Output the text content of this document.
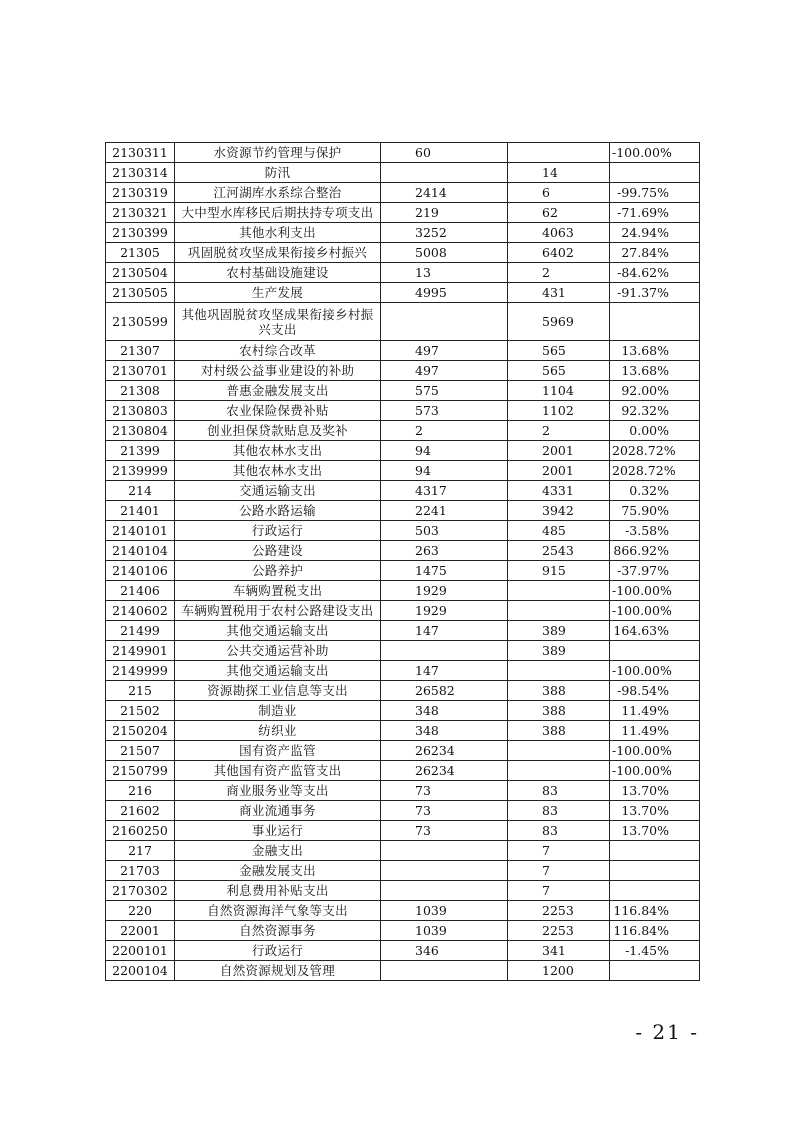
2130311	水资源节约管理与保护	60		-100.00%
2130314	防汛		14	
2130319	江河湖库水系综合整治	2414	6	-99.75%
2130321	大中型水库移民后期扶持专项支出	219	62	-71.69%
2130399	其他水利支出	3252	4063	24.94%
21305	巩固脱贫攻坚成果衔接乡村振兴	5008	6402	27.84%
2130504	农村基础设施建设	13	2	-84.62%
2130505	生产发展	4995	431	-91.37%
2130599	其他巩固脱贫攻坚成果衔接乡村振兴支出		5969	
21307	农村综合改革	497	565	13.68%
2130701	对村级公益事业建设的补助	497	565	13.68%
21308	普惠金融发展支出	575	1104	92.00%
2130803	农业保险保费补贴	573	1102	92.32%
2130804	创业担保贷款贴息及奖补	2	2	0.00%
21399	其他农林水支出	94	2001	2028.72%
2139999	其他农林水支出	94	2001	2028.72%
214	交通运输支出	4317	4331	0.32%
21401	公路水路运输	2241	3942	75.90%
2140101	行政运行	503	485	-3.58%
2140104	公路建设	263	2543	866.92%
2140106	公路养护	1475	915	-37.97%
21406	车辆购置税支出	1929		-100.00%
2140602	车辆购置税用于农村公路建设支出	1929		-100.00%
21499	其他交通运输支出	147	389	164.63%
2149901	公共交通运营补助		389	
2149999	其他交通运输支出	147		-100.00%
215	资源勘探工业信息等支出	26582	388	-98.54%
21502	制造业	348	388	11.49%
2150204	纺织业	348	388	11.49%
21507	国有资产监管	26234		-100.00%
2150799	其他国有资产监管支出	26234		-100.00%
216	商业服务业等支出	73	83	13.70%
21602	商业流通事务	73	83	13.70%
2160250	事业运行	73	83	13.70%
217	金融支出		7	
21703	金融发展支出		7	
2170302	利息费用补贴支出		7	
220	自然资源海洋气象等支出	1039	2253	116.84%
22001	自然资源事务	1039	2253	116.84%
2200101	行政运行	346	341	-1.45%
2200104	自然资源规划及管理		1200	
- 21 -
